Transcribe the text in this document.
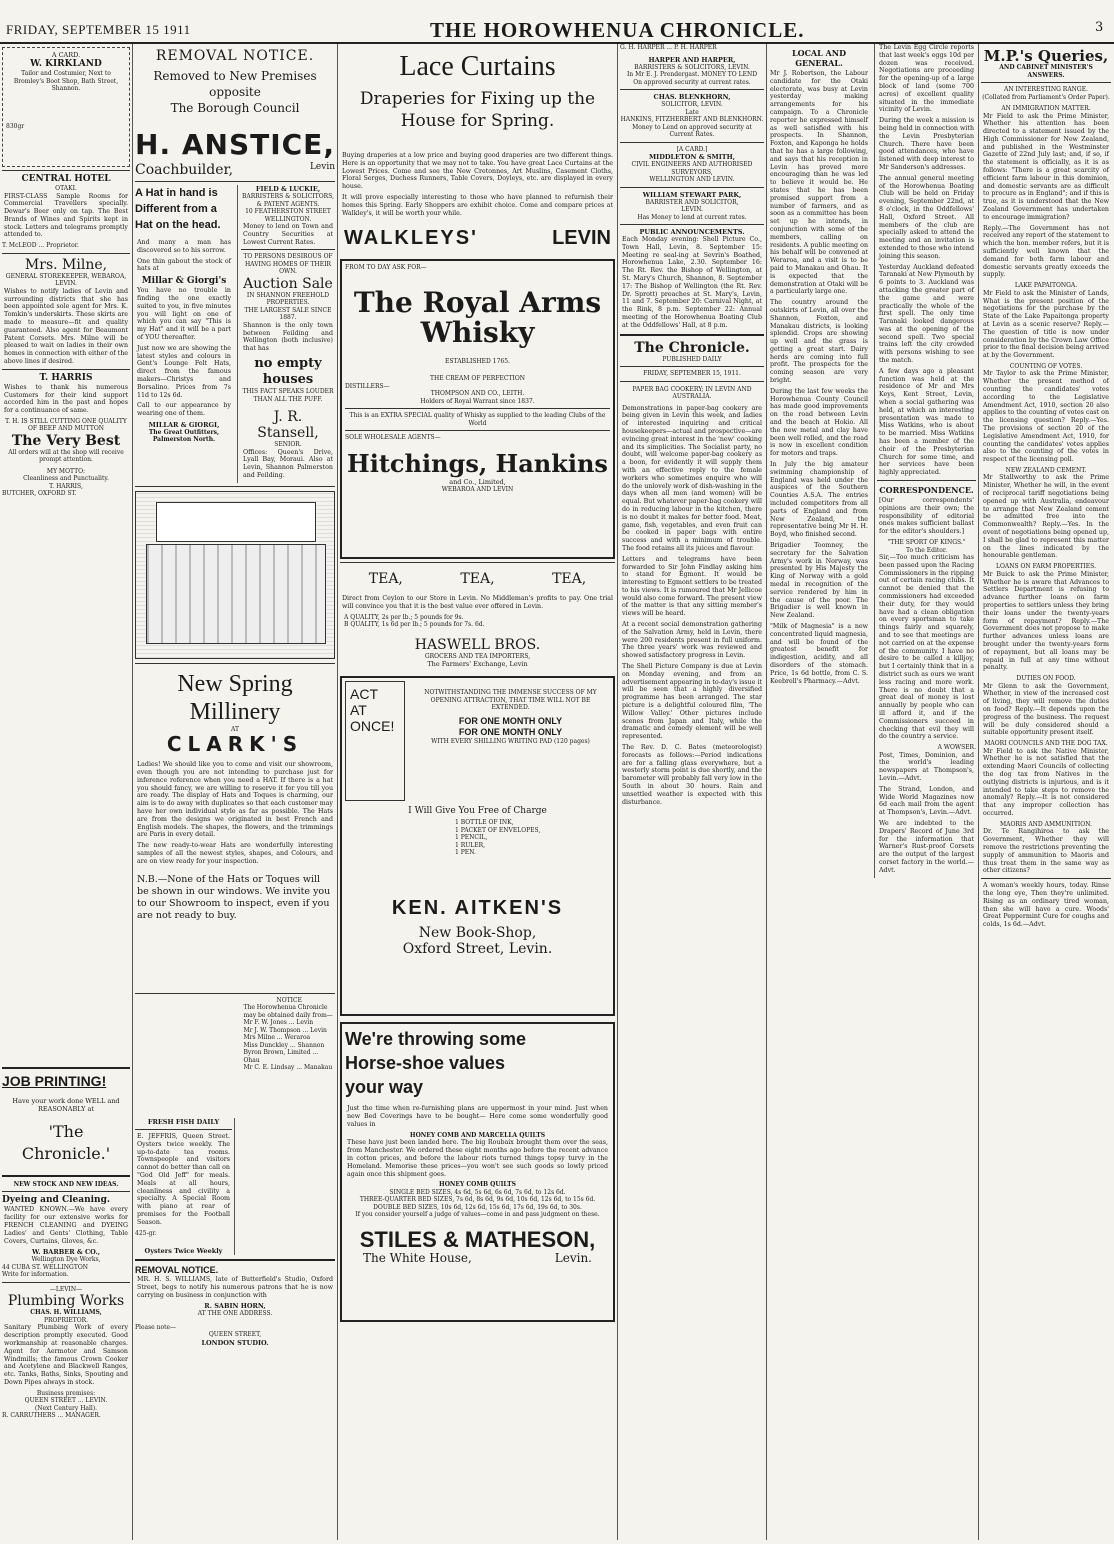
FRIDAY, SEPTEMBER 15 1911	THE HOROWHENUA CHRONICLE.	3
A CARD.
W. KIRKLAND
Tailor and Costumier, Next to Bromley's Boot Shop, Bath Street, Shannon.
830gr
CENTRAL HOTEL
OTAKI.
FIRST-CLASS Sample Rooms for Commercial Travellers specially. Dewar's Beer only on tap. The Best Brands of Wines and Spirits kept in stock. Letters and telegrams promptly attended to.
T. McLEOD ... Proprietor.
Mrs. Milne,
GENERAL STOREKEEPER, WEBAROA, LEVIN.
Wishes to notify ladies of Levin and surrounding districts that she has been appointed sole agent for Mrs. K. Tomkin's underskirts. These skirts are made to measure—fit and quality guaranteed. Also agent for Beaumont Patent Corsets. Mrs. Milne will be pleased to wait on ladies in their own homes in connection with either of the above lines if desired.
T. HARRIS
Wishes to thank his numerous Customers for their kind support accorded him in the past and hopes for a continuance of same.
T. H. IS STILL CUTTING ONE QUALITY OF BEEF AND MUTTON
The Very Best
All orders will at the shop will receive prompt attention.
MY MOTTO:
Cleanliness and Punctuality.
T. HARRIS,
BUTCHER, OXFORD ST.
JOB PRINTING!
Have your work done WELL and REASONABLY at
'The Chronicle.'
NEW STOCK AND NEW IDEAS.
Dyeing and Cleaning.
WANTED KNOWN.—We have every facility for our extensive works for FRENCH CLEANING and DYEING Ladies' and Gents' Clothing, Table Covers, Curtains, Gloves, &c.
W. BARBER & CO.,
Wellington Dye Works,
44 CUBA ST. WELLINGTON
Write for information.
—LEVIN—
Plumbing Works
CHAS. H. WILLIAMS,
PROPRIETOR.
Sanitary Plumbing Work of every description promptly executed. Good workmanship at reasonable charges. Agent for Aermotor and Samson Windmills; the famous Crown Cooker and Acetylene and Blackwell Ranges, etc. Tanks, Baths, Sinks, Spouting and Down Pipes always in stock.
Business premises:
QUEEN STREET ... LEVIN.
(Next Century Hall).
R. CARRUTHERS ... MANAGER.
REMOVAL NOTICE.
Removed to New Premises
opposite
The Borough Council
H. ANSTICE,
Coachbuilder,	Levin
A Hat in hand is
Different from a
Hat on the head.
And many a man has discovered so to his sorrow.
One thin gabout the stock of hats at
Millar & Giorgi's
You have no trouble in finding the one exactly suited to you, in five minutes you will light on one of which you can say "This is my Hat" and it will be a part of YOU thereafter.
Just now we are showing the latest styles and colours in Gent's Lounge Felt Hats, direct from the famous makers—Christys and Borsalino. Prices from 7s 11d to 12s 6d.
Call to our appearance by wearing one of them.
MILLAR & GIORGI,
The Great Outfitters,
Palmerston North.
FIELD & LUCKIE,
BARRISTERS & SOLICITORS, & PATENT AGENTS.
10 FEATHERSTON STREET WELLINGTON.
Money to lend on Town and Country Securities at Lowest Current Rates.
TO PERSONS DESIROUS OF HAVING HOMES OF THEIR OWN.
Auction Sale
IN SHANNON FREEHOLD PROPERTIES.
THE LARGEST SALE SINCE 1887.
Shannon is the only town between Feilding and Wellington (both inclusive) that has
no empty houses
THIS FACT SPEAKS LOUDER THAN ALL THE PUFF.
J. R. Stansell,
SENIOR.
Offices: Queen's Drive, Lyall Bay, Moraui. Also at Levin, Shannon Palmerston and Feilding.
New Spring Millinery
AT
CLARK'S
Ladies! We should like you to come and visit our showroom, even though you are not intending to purchase just for inference reference when you need a HAT. If there is a hat you should fancy, we are willing to reserve it for you till you are ready. The display of Hats and Toques is charming, our aim is to do away with duplicates so that each customer may have her own individual style as far as possible. The Hats are from the designs we originated in best French and English models. The shapes, the flowers, and the trimmings are Paris in every detail.
The new ready-to-wear Hats are wonderfully interesting samples of all the newest styles, shapes, and Colours, and are on view ready for your inspection.
N.B.—None of the Hats or Toques will be shown in our windows. We invite you to our Showroom to inspect, even if you are not ready to buy.
NOTICE
The Horowhenua Chronicle may be obtained daily from—
Mr F. W. Jones ... Levin
Mr J. W. Thompson ... Levin
Mrs Milne ... Weraroa
Miss Dunckley ... Shannon
Byron Brown, Limited ... Ohau
Mr C. E. Lindsay ... Manakau
FRESH FISH DAILY
E. JEFFRIS, Queen Street. Oysters twice weekly. The up-to-date tea rooms. Townspeople and visitors cannot do better than call on "God Old Jeff" for meals. Meals at all hours, cleanliness and civility a specialty. A Special Room with piano at rear of premises for the Football Season.
425-gr.
Oysters Twice Weekly
REMOVAL NOTICE.
MR. H. S. WILLIAMS, late of Butterfield's Studio, Oxford Street, begs to notify his numerous patrons that he is now carrying on business in conjunction with
R. SABIN HORN,
AT THE ONE ADDRESS.
Please note—
QUEEN STREET,
LONDON STUDIO.
Lace Curtains
Draperies for Fixing up the
House for Spring.
Buying draperies at a low price and buying good draperies are two different things. Here is an opportunity that we may not to take. You have great Lace Curtains at the Lowest Prices. Come and see the New Cretonnes, Art Muslins, Casement Cloths, Floral Serges, Duchess Runners, Table Covers, Doyleys, etc. are displayed in every house.
It will prove especially interesting to those who have planned to refurnish their homes this Spring. Early Shoppers are exhibit choice. Come and compare prices at Walkley's, it will be worth your while.
WALKLEYS'	LEVIN
FROM TO DAY ASK FOR—
The Royal Arms
Whisky
ESTABLISHED 1765.
THE CREAM OF PERFECTION
DISTILLERS—
THOMPSON AND CO., LEITH.
Holders of Royal Warrant since 1837.
This is an EXTRA SPECIAL quality of Whisky as supplied to the leading Clubs of the World
SOLE WHOLESALE AGENTS—
Hitchings, Hankins
and Co., Limited,
WEBAROA AND LEVIN
TEA,	TEA,	TEA,
Direct from Ceylon to our Store in Levin. No Middleman's profits to pay. One trial will convince you that it is the best value ever offered in Levin.
A QUALITY, 2s per lb.; 5 pounds for 9s.
B QUALITY, 1s 6d per lb.; 5 pounds for 7s. 6d.
HASWELL BROS.
GROCERS AND TEA IMPORTERS,
The Farmers' Exchange, Levin
ACT
AT
ONCE!
NOTWITHSTANDING THE IMMENSE SUCCESS OF MY OPENING ATTRACTION, THAT TIME WILL NOT BE EXTENDED.
FOR ONE MONTH ONLY
FOR ONE MONTH ONLY
WITH EVERY SHILLING WRITING PAD (120 pages)
I Will Give You Free of Charge
1 BOTTLE OF INK,
1 PACKET OF ENVELOPES,
1 PENCIL,
1 RULER,
1 PEN.
KEN. AITKEN'S
New Book-Shop,
Oxford Street, Levin.
We're throwing some
Horse-shoe values
your way
Just the time when re-furnishing plans are uppermost in your mind. Just when new Bed Coverings have to be bought— Here come some wonderfully good values in
HONEY COMB AND MARCELLA QUILTS
These have just been landed here. The big Roubaix brought them over the seas, from Manchester. We ordered these eight months ago before the recent advance in cotton prices, and before the labour riots turned things topsy turvy in the Homeland. Memorise these prices—you won't see such goods so lowly priced again once this shipment goes.
HONEY COMB QUILTS
SINGLE BED SIZES, 4s 6d, 5s 6d, 6s 6d, 7s 6d, to 12s 6d.
THREE-QUARTER BED SIZES, 7s 6d, 8s 6d, 9s 6d, 10s 6d, 12s 6d, to 15s 6d.
DOUBLE BED SIZES, 10s 6d, 12s 6d, 15s 6d, 17s 6d, 19s 6d, to 30s.
If you consider yourself a judge of values—come in and pass judgment on these.
STILES & MATHESON,
The White House,	Levin.
G. H. HARPER ... P. H. HARPER
HARPER AND HARPER,
BARRISTERS & SOLICITORS, LEVIN.
In Mr E. J. Prendergast. MONEY TO LEND
On approved security at current rates.
CHAS. BLENKHORN,
SOLICITOR, LEVIN.
Late
HANKINS, FITZHERBERT AND BLENKHORN.
Money to Lend on approved security at Current Rates.
[A CARD.]
MIDDLETON & SMITH,
CIVIL ENGINEERS AND AUTHORISED SURVEYORS,
WELLINGTON AND LEVIN.
WILLIAM STEWART PARK,
BARRISTER AND SOLICITOR,
LEVIN.
Has Money to lend at current rates.
PUBLIC ANNOUNCEMENTS.
Each Monday evening: Shell Picture Co., Town Hall, Levin, 8. September 15: Meeting re seal-ing at Sevrin's Boathed, Horowhenua Lake, 2.30. September 16: The Rt. Rev. the Bishop of Wellington, at St. Mary's Church, Shannon, 8. September 17: The Bishop of Wellington (the Rt. Rev. Dr. Sprott) preaches at St. Mary's, Levin, 11 and 7. September 20: Carnival Night, at the Rink, 8 p.m. September 22: Annual meeting of the Horowhenua Boating Club at the Oddfellows' Hall, at 8 p.m.
The Chronicle.
PUBLISHED DAILY
FRIDAY, SEPTEMBER 15, 1911.
PAPER BAG COOKERY; IN LEVIN AND AUSTRALIA.
Demonstrations in paper-bag cookery are being given in Levin this week, and ladies of interested inquiring and critical housekeepers—actual and prospective—are evincing great interest in the 'new' cooking and its simplicities. The Socialist party, no doubt, will welcome paper-bag cookery as a boon, for evidently it will supply them with an effective reply to the female workers who sometimes enquire who will do the unlovely work of dish-washing in the days when all men (and women) will be equal. But whatever paper-bag cookery will do in reducing labour in the kitchen, there is no doubt it makes for better food. Meat, game, fish, vegetables, and even fruit can be cooked in paper bags with entire success and with a minimum of trouble. The food retains all its juices and flavour.
Letters and telegrams have been forwarded to Sir John Findlay asking him to stand for Egmont. It would be interesting to Egmont settlers to be treated to his views. It is rumoured that Mr Jellicoe would also come forward. The present view of the matter is that any sitting member's views will be heard.
At a recent social demonstration gathering of the Salvation Army, held in Levin, there were 200 residents present in full uniform. The three years' work was reviewed and showed satisfactory progress in Levin.
The Shell Picture Company is due at Levin on Monday evening, and from an advertisement appearing in to-day's issue it will be seen that a highly diversified programme has been arranged. The star picture is a delightful coloured film, 'The Willow Valley.' Other pictures include scenes from Japan and Italy, while the dramatic and comedy element will be well represented.
The Rev. D. C. Bates (meteorologist) forecasts as follows:—Period indications are for a falling glass everywhere, but a westerly storm point is due shortly, and the barometer will probably fall very low in the South in about 30 hours. Rain and unsettled weather is expected with this disturbance.
LOCAL AND GENERAL.
Mr J. Robertson, the Labour candidate for the Otaki electorate, was busy at Levin yesterday making arrangements for his campaign. To a Chronicle reporter he expressed himself as well satisfied with his prospects. In Shannon, Foxton, and Kaponga he holds that he has a large following, and says that his reception in Levin has proved more encouraging than he was led to believe it would be. He states that he has been promised support from a number of farmers, and as soon as a committee has been set up he intends, in conjunction with some of the members, calling on residents. A public meeting on his behalf will be convened at Weraroa, and a visit is to be paid to Manakau and Ohau. It is expected that the demonstration at Otaki will be a particularly large one.
The country around the outskirts of Levin, all over the Shannon, Foxton, and Manakau districts, is looking splendid. Crops are showing up well and the grass is getting a great start. Dairy herds are coming into full profit. The prospects for the coming season are very bright.
During the last few weeks the Horowhenua County Council has made good improvements on the road between Levin and the beach at Hokio. All the new metal and clay have been well rolled, and the road is now in excellent condition for motors and traps.
In July the big amateur swimming championship of England was held under the auspices of the Southern Counties A.S.A. The entries included competitors from all parts of England and from New Zealand, the representative being Mr H. H. Boyd, who finished second.
Brigadier Toomney, the secretary for the Salvation Army's work in Norway, was presented by His Majesty the King of Norway with a gold medal in recognition of the service rendered by him in the cause of the poor. The Brigadier is well known in New Zealand.
"Milk of Magnesia" is a new concentrated liquid magnesia, and will be found of the greatest benefit for indigestion, acidity, and all disorders of the stomach. Price, 1s 6d bottle, from C. S. Keebrell's Pharmacy.—Advt.
The Levin Egg Circle reports that last week's eggs 10d per dozen was received. Negotiations are proceeding for the opening-up of a large block of land (some 700 acres) of excellent quality situated in the immediate vicinity of Levin.
During the week a mission is being held in connection with the Levin Presbyterian Church. There have been good attendances, who have listened with deep interest to Mr Sanderson's addresses.
The annual general meeting of the Horowhenua Boating Club will be held on Friday evening, September 22nd, at 8 o'clock, in the Oddfellows' Hall, Oxford Street. All members of the club are specially asked to attend the meeting and an invitation is extended to those who intend joining this season.
Yesterday Auckland defeated Taranaki at New Plymouth by 6 points to 3. Auckland was attacking the greater part of the game and were practically the whole of the first spell. The only time Taranaki looked dangerous was at the opening of the second spell. Two special trains left the city crowded with persons wishing to see the match.
A few days ago a pleasant function was held at the residence of Mr and Mrs Keys, Kent Street, Levin, when a social gathering was held, at which an interesting presentation was made to Miss Watkins, who is about to be married. Miss Watkins has been a member of the choir of the Presbyterian Church for some time, and her services have been highly appreciated.
CORRESPONDENCE.
[Our correspondents' opinions are their own; the responsibility of editorial ones makes sufficient ballast for the editor's shoulders.]
"THE SPORT OF KINGS."
To the Editor.
Sir,—Too much criticism has been passed upon the Racing Commissioners in the ripping out of certain racing clubs. It cannot be denied that the commissioners had exceeded their duty, for they would have had a clean obligation on every sportsman to take things fairly and squarely, and to see that meetings are not carried on at the expense of the community. I have no desire to be called a killjoy, but I certainly think that in a district such as ours we want less racing and more work. There is no doubt that a great deal of money is lost annually by people who can ill afford it, and if the Commissioners succeed in checking that evil they will do the country a service.
A WOWSER.
Post, Times, Dominion, and the world's leading newspapers at Thompson's, Levin.—Advt.
The Strand, London, and Wide World Magazines now 6d each mail from the agent at Thompson's, Levin.—Advt.
We are indebted to the Drapers' Record of June 3rd for the information that Warner's Rust-proof Corsets are the output of the largest corset factory in the world.—Advt.
M.P.'s Queries,
AND CABINET MINISTER'S ANSWERS.
AN INTERESTING RANGE.
(Collated from Parliament's Order Paper).
AN IMMIGRATION MATTER.
Mr Field to ask the Prime Minister, Whether his attention has been directed to a statement issued by the High Commissioner for New Zealand, and published in the Westminster Gazette of 22nd July last; and, if so, if the statement is officially, as it is as follows: "There is a great scarcity of efficient farm labour in this dominion, and domestic servants are as difficult to procure as in England"; and if this is true, as it is understood that the New Zealand Government has undertaken to encourage immigration?
Reply.—The Government has not received any report of the statement to which the hon. member refers, but it is sufficiently well known that the demand for both farm labour and domestic servants greatly exceeds the supply.
LAKE PAPAITONGA.
Mr Field to ask the Minister of Lands, What is the present position of the negotiations for the purchase by the State of the Lake Papaitonga property at Levin as a scenic reserve? Reply.—The question of title is now under consideration by the Crown Law Office prior to the final decision being arrived at by the Government.
COUNTING OF VOTES.
Mr Taylor to ask the Prime Minister, Whether the present method of counting the candidates' votes according to the Legislative Amendment Act, 1910, section 20 also applies to the counting of votes cast on the licensing question? Reply.—Yes. The provisions of section 20 of the Legislative Amendment Act, 1910, for counting the candidates' votes applies also to the counting of the votes in respect of the licensing poll.
NEW ZEALAND CEMENT.
Mr Stallworthy to ask the Prime Minister, Whether he will, in the event of reciprocal tariff negotiations being opened up with Australia, endeavour to arrange that New Zealand cement be admitted free into the Commonwealth? Reply.—Yes. In the event of negotiations being opened up, I shall be glad to represent this matter on the lines indicated by the honourable gentleman.
LOANS ON FARM PROPERTIES.
Mr Buick to ask the Prime Minister, Whether he is aware that Advances to Settlers Department is refusing to advance further loans on farm properties to settlers unless they bring their loans under the twenty-years form of repayment? Reply.—The Government does not propose to make further advances unless loans are brought under the twenty-years form of repayment, but all loans may be repaid in full at any time without penalty.
DUTIES ON FOOD.
Mr Glenn to ask the Government, Whether, in view of the increased cost of living, they will remove the duties on food? Reply.—It depends upon the progress of the business. The request will be duly considered should a suitable opportunity present itself.
MAORI COUNCILS AND THE DOG TAX.
Mr Field to ask the Native Minister, Whether he is not satisfied that the extending Maori Councils of collecting the dog tax from Natives in the outlying districts is injurious, and is it intended to take steps to remove the anomaly? Reply.—It is not considered that any improper collection has occurred.
MAORIS AND AMMUNITION.
Dr. Te Rangihiroa to ask the Government, Whether they will remove the restrictions preventing the supply of ammunition to Maoris and thus treat them in the same way as other citizens?
A woman's weekly hours, today. Rinse the long eye, Then they're unlimited. Rising as an ordinary tired woman, then she will have a cure. Woods' Great Peppermint Cure for coughs and colds, 1s 6d.—Advt.
